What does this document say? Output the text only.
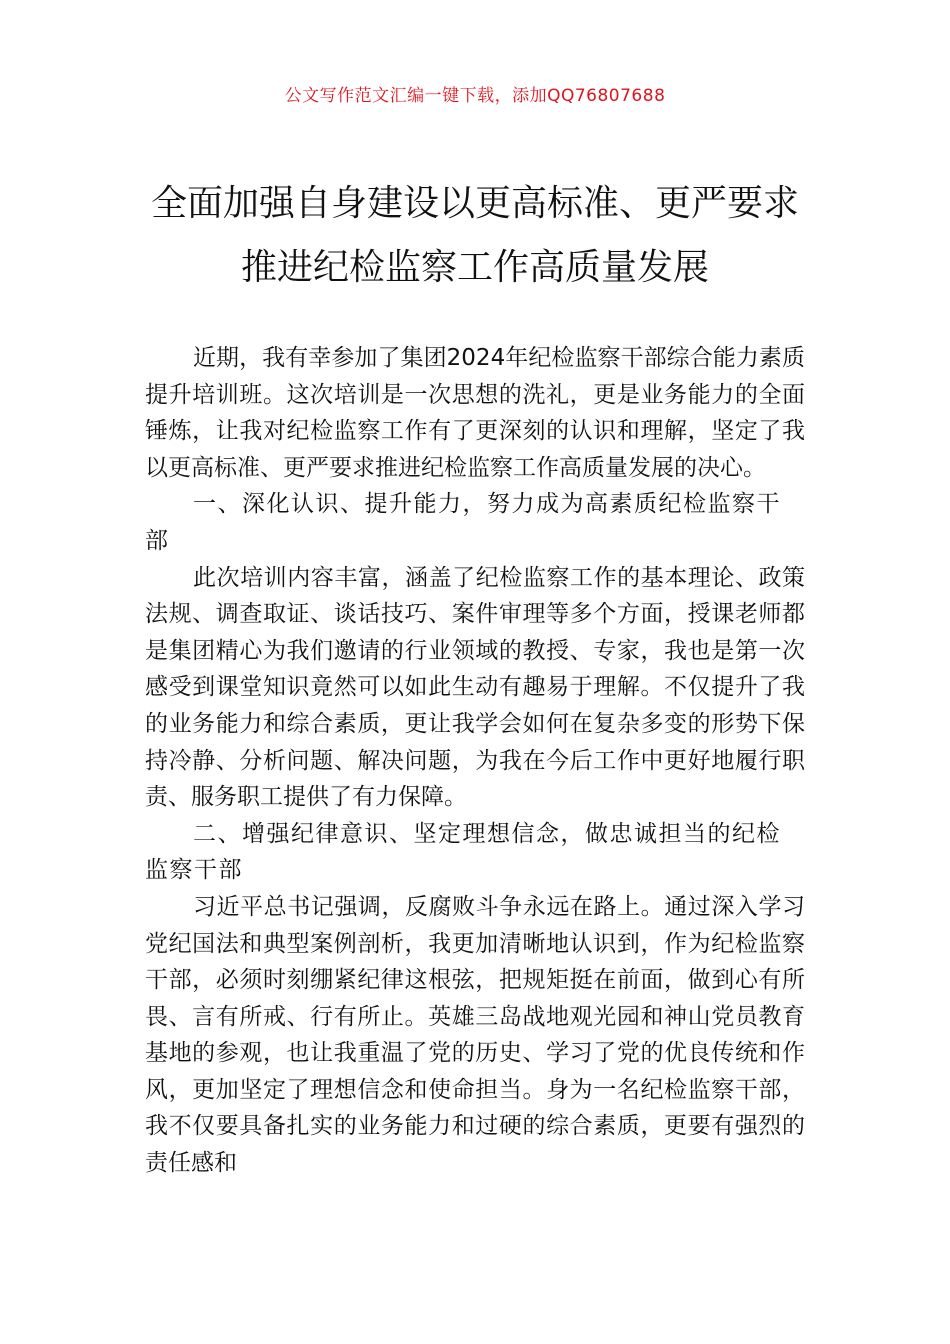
公文写作范文汇编一键下载，添加QQ76807688
全面加强自身建设以更高标准、更严要求
推进纪检监察工作高质量发展

近期，我有幸参加了集团2024年纪检监察干部综合能力素质提升培训班。这次培训是一次思想的洗礼，更是业务能力的全面锤炼，让我对纪检监察工作有了更深刻的认识和理解，坚定了我以更高标准、更严要求推进纪检监察工作高质量发展的决心。

一、深化认识、提升能力，努力成为高素质纪检监察干部

此次培训内容丰富，涵盖了纪检监察工作的基本理论、政策法规、调查取证、谈话技巧、案件审理等多个方面，授课老师都是集团精心为我们邀请的行业领域的教授、专家，我也是第一次感受到课堂知识竟然可以如此生动有趣易于理解。不仅提升了我的业务能力和综合素质，更让我学会如何在复杂多变的形势下保持冷静、分析问题、解决问题，为我在今后工作中更好地履行职责、服务职工提供了有力保障。

二、增强纪律意识、坚定理想信念，做忠诚担当的纪检监察干部

习近平总书记强调，反腐败斗争永远在路上。通过深入学习党纪国法和典型案例剖析，我更加清晰地认识到，作为纪检监察干部，必须时刻绷紧纪律这根弦，把规矩挺在前面，做到心有所畏、言有所戒、行有所止。英雄三岛战地观光园和神山党员教育基地的参观，也让我重温了党的历史、学习了党的优良传统和作风，更加坚定了理想信念和使命担当。身为一名纪检监察干部，我不仅要具备扎实的业务能力和过硬的综合素质，更要有强烈的责任感和
